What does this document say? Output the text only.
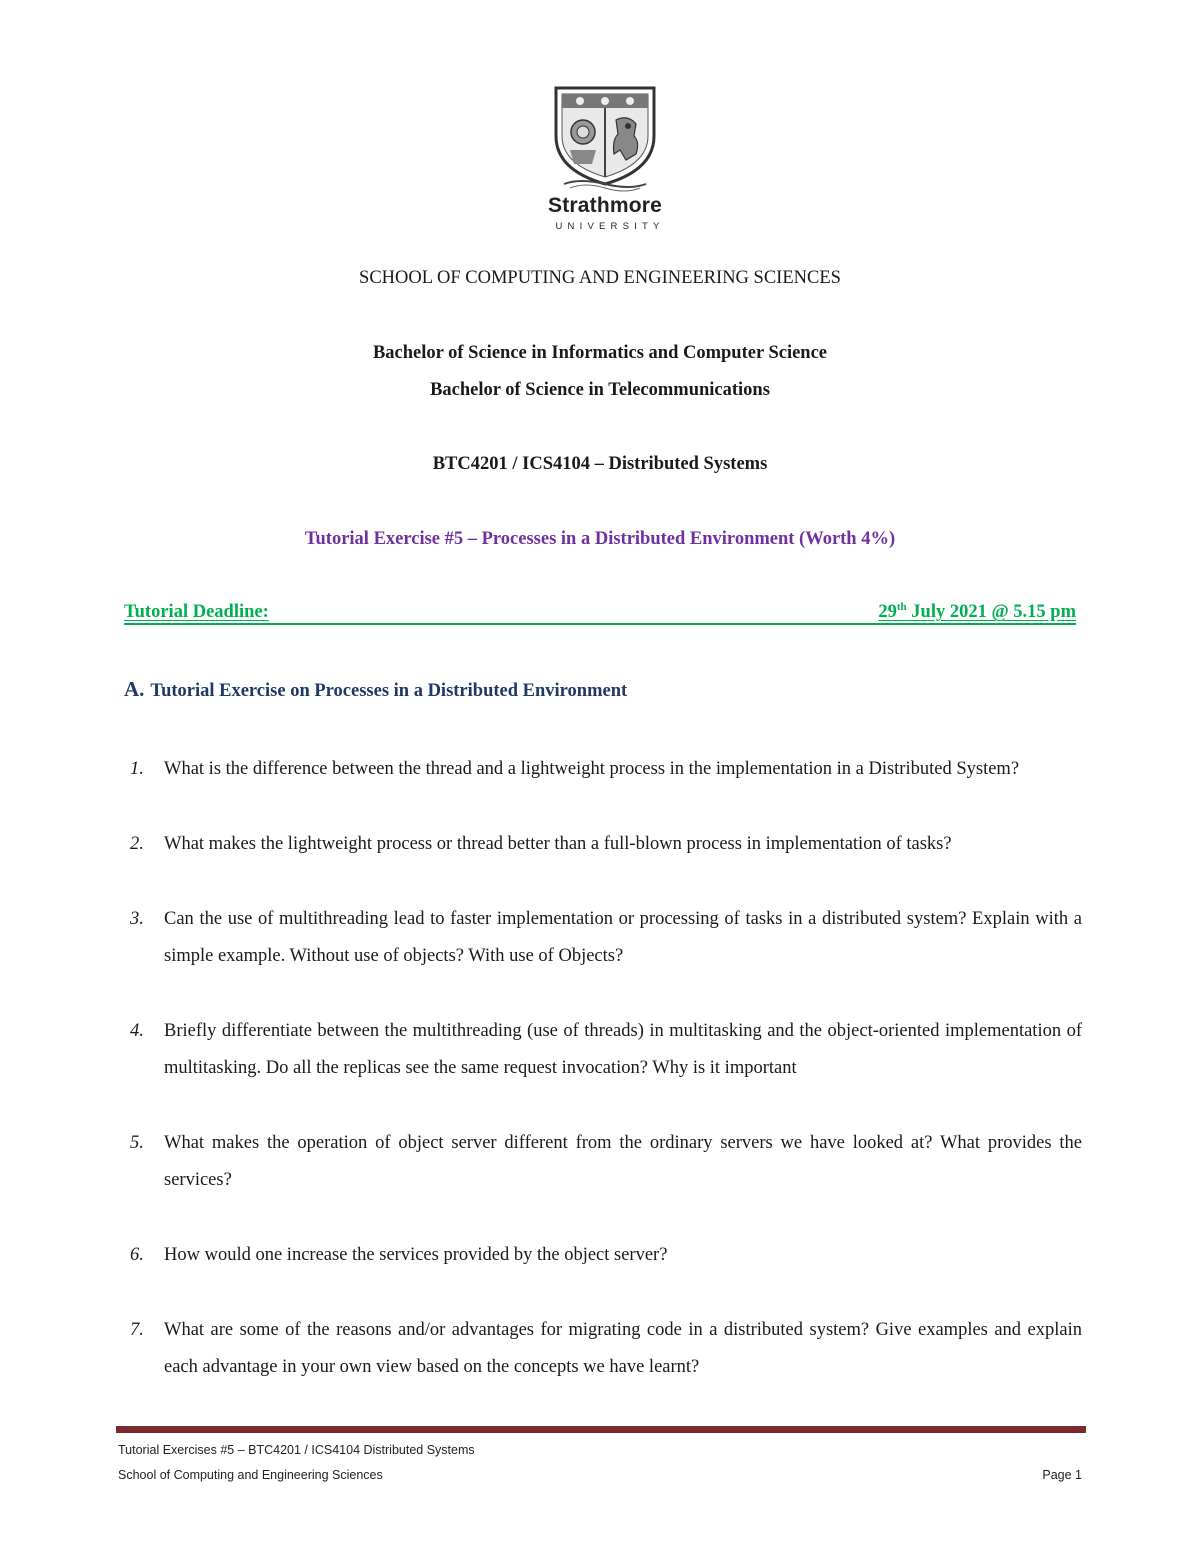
Strathmore
UNIVERSITY
SCHOOL OF COMPUTING AND ENGINEERING SCIENCES
Bachelor of Science in Informatics and Computer Science
Bachelor of Science in Telecommunications
BTC4201 / ICS4104 – Distributed Systems
Tutorial Exercise #5 – Processes in a Distributed Environment (Worth 4%)
Tutorial Deadline:	29th July 2021 @ 5.15 pm
A. Tutorial Exercise on Processes in a Distributed Environment
1. What is the difference between the thread and a lightweight process in the implementation in a Distributed System?
2. What makes the lightweight process or thread better than a full-blown process in implementation of tasks?
3. Can the use of multithreading lead to faster implementation or processing of tasks in a distributed system? Explain with a simple example. Without use of objects? With use of Objects?
4. Briefly differentiate between the multithreading (use of threads) in multitasking and the object-oriented implementation of multitasking. Do all the replicas see the same request invocation? Why is it important
5. What makes the operation of object server different from the ordinary servers we have looked at? What provides the services?
6. How would one increase the services provided by the object server?
7. What are some of the reasons and/or advantages for migrating code in a distributed system? Give examples and explain each advantage in your own view based on the concepts we have learnt?
Tutorial Exercises #5 – BTC4201 / ICS4104 Distributed Systems
School of Computing and Engineering Sciences	Page 1
